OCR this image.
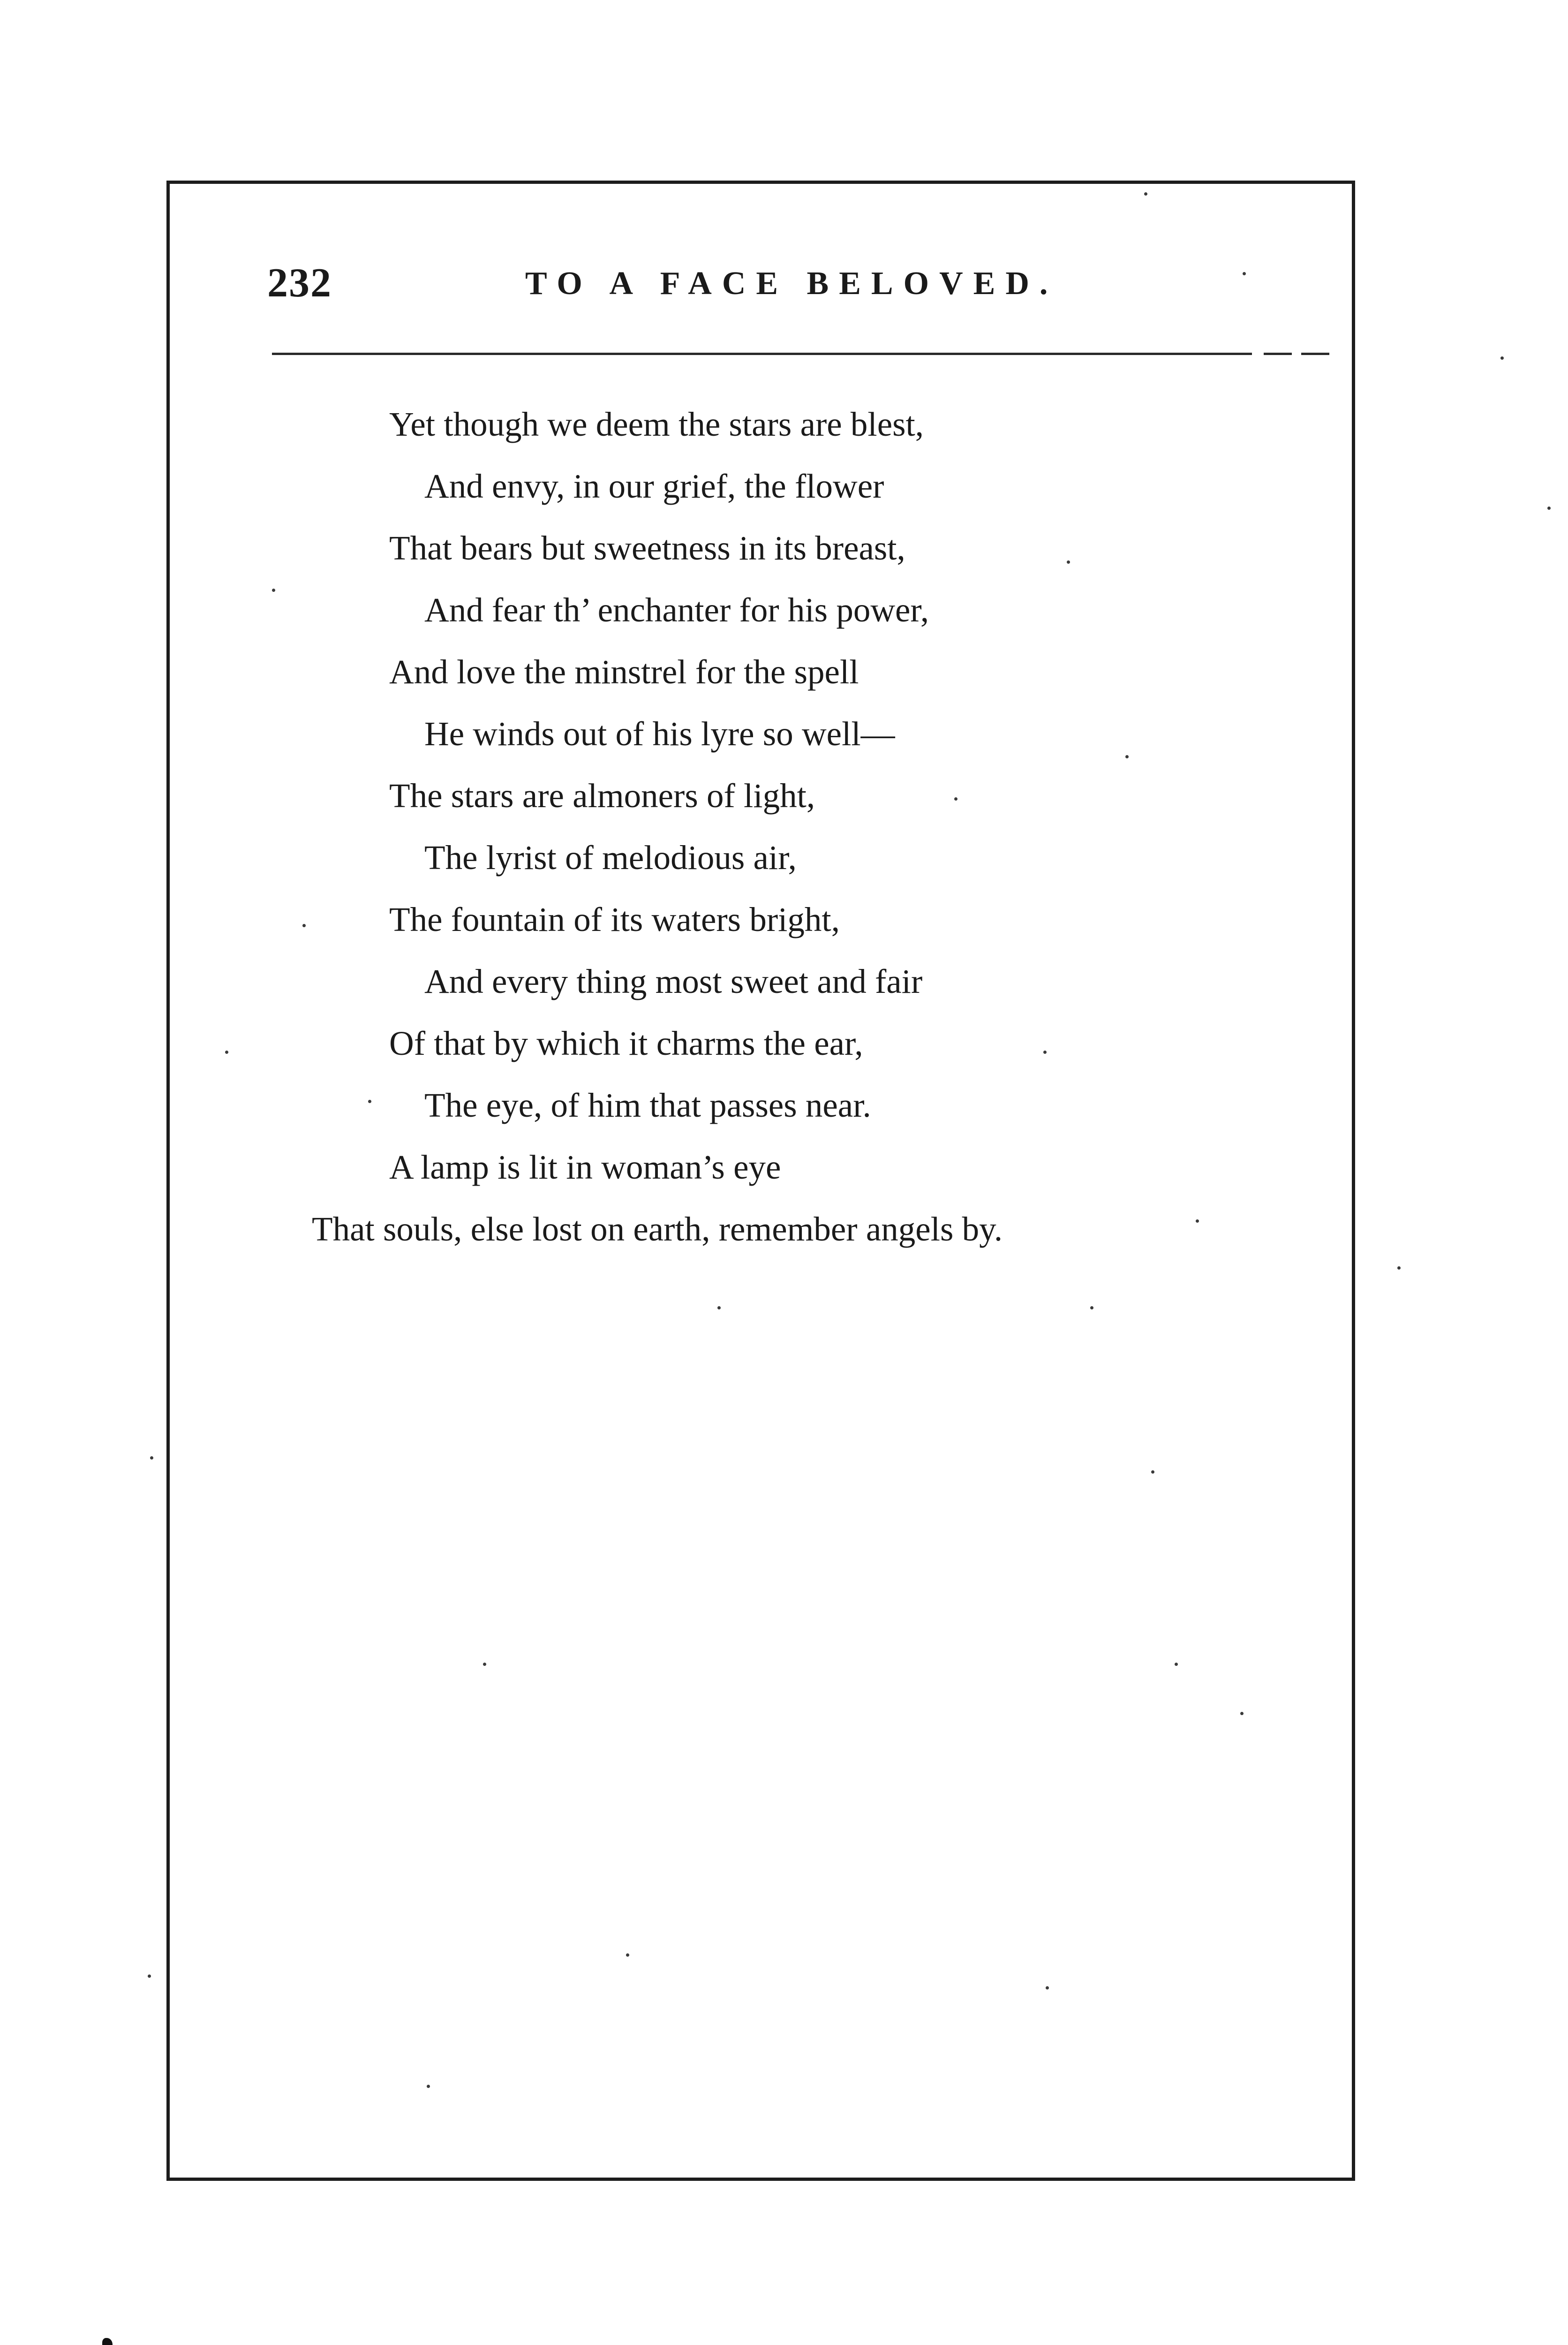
232	TO A FACE BELOVED.
Yet though we deem the stars are blest,
And envy, in our grief, the flower
That bears but sweetness in its breast,
And fear th’ enchanter for his power,
And love the minstrel for the spell
He winds out of his lyre so well—
The stars are almoners of light,
The lyrist of melodious air,
The fountain of its waters bright,
And every thing most sweet and fair
Of that by which it charms the ear,
The eye, of him that passes near.
A lamp is lit in woman’s eye
That souls, else lost on earth, remember angels by.
